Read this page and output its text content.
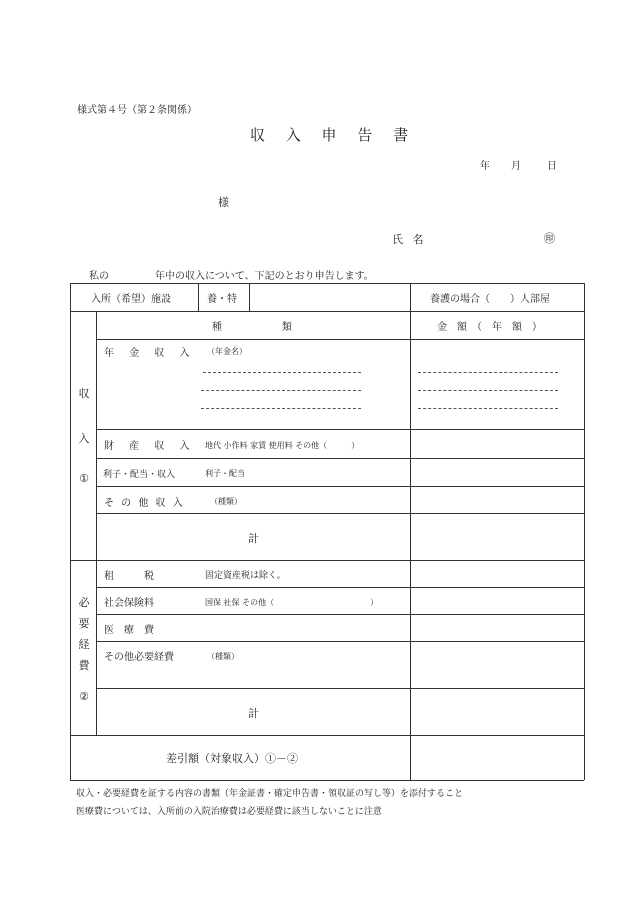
様式第４号（第２条関係）
収 入 申 告 書
年 月	日
様
氏 名	㊞
私の	年中の収入について、下記のとおり申告します。
入所（希望）施設	養・特	養護の場合（　　）人部屋
種　　　　　　類	金　額　（　年　額　）
収
入
①
年 金 収 入 （年金名）
財 産 収 入 地代 小作料 家賃 使用料 その他（　　　）
利子・配当・収入	利子・配当
そ の 他 収 入	（種類）
計
必
要
経
費
②
租　　　税	固定資産税は除く。
社会保険料	国保 社保 その他（　　　　　　　　　　　　）
医　療　費
その他必要経費	（種類）
計
差引額（対象収入）①－②
収入・必要経費を証する内容の書類（年金証書・確定申告書・領収証の写し等）を添付すること
医療費については、入所前の入院治療費は必要経費に該当しないことに注意
